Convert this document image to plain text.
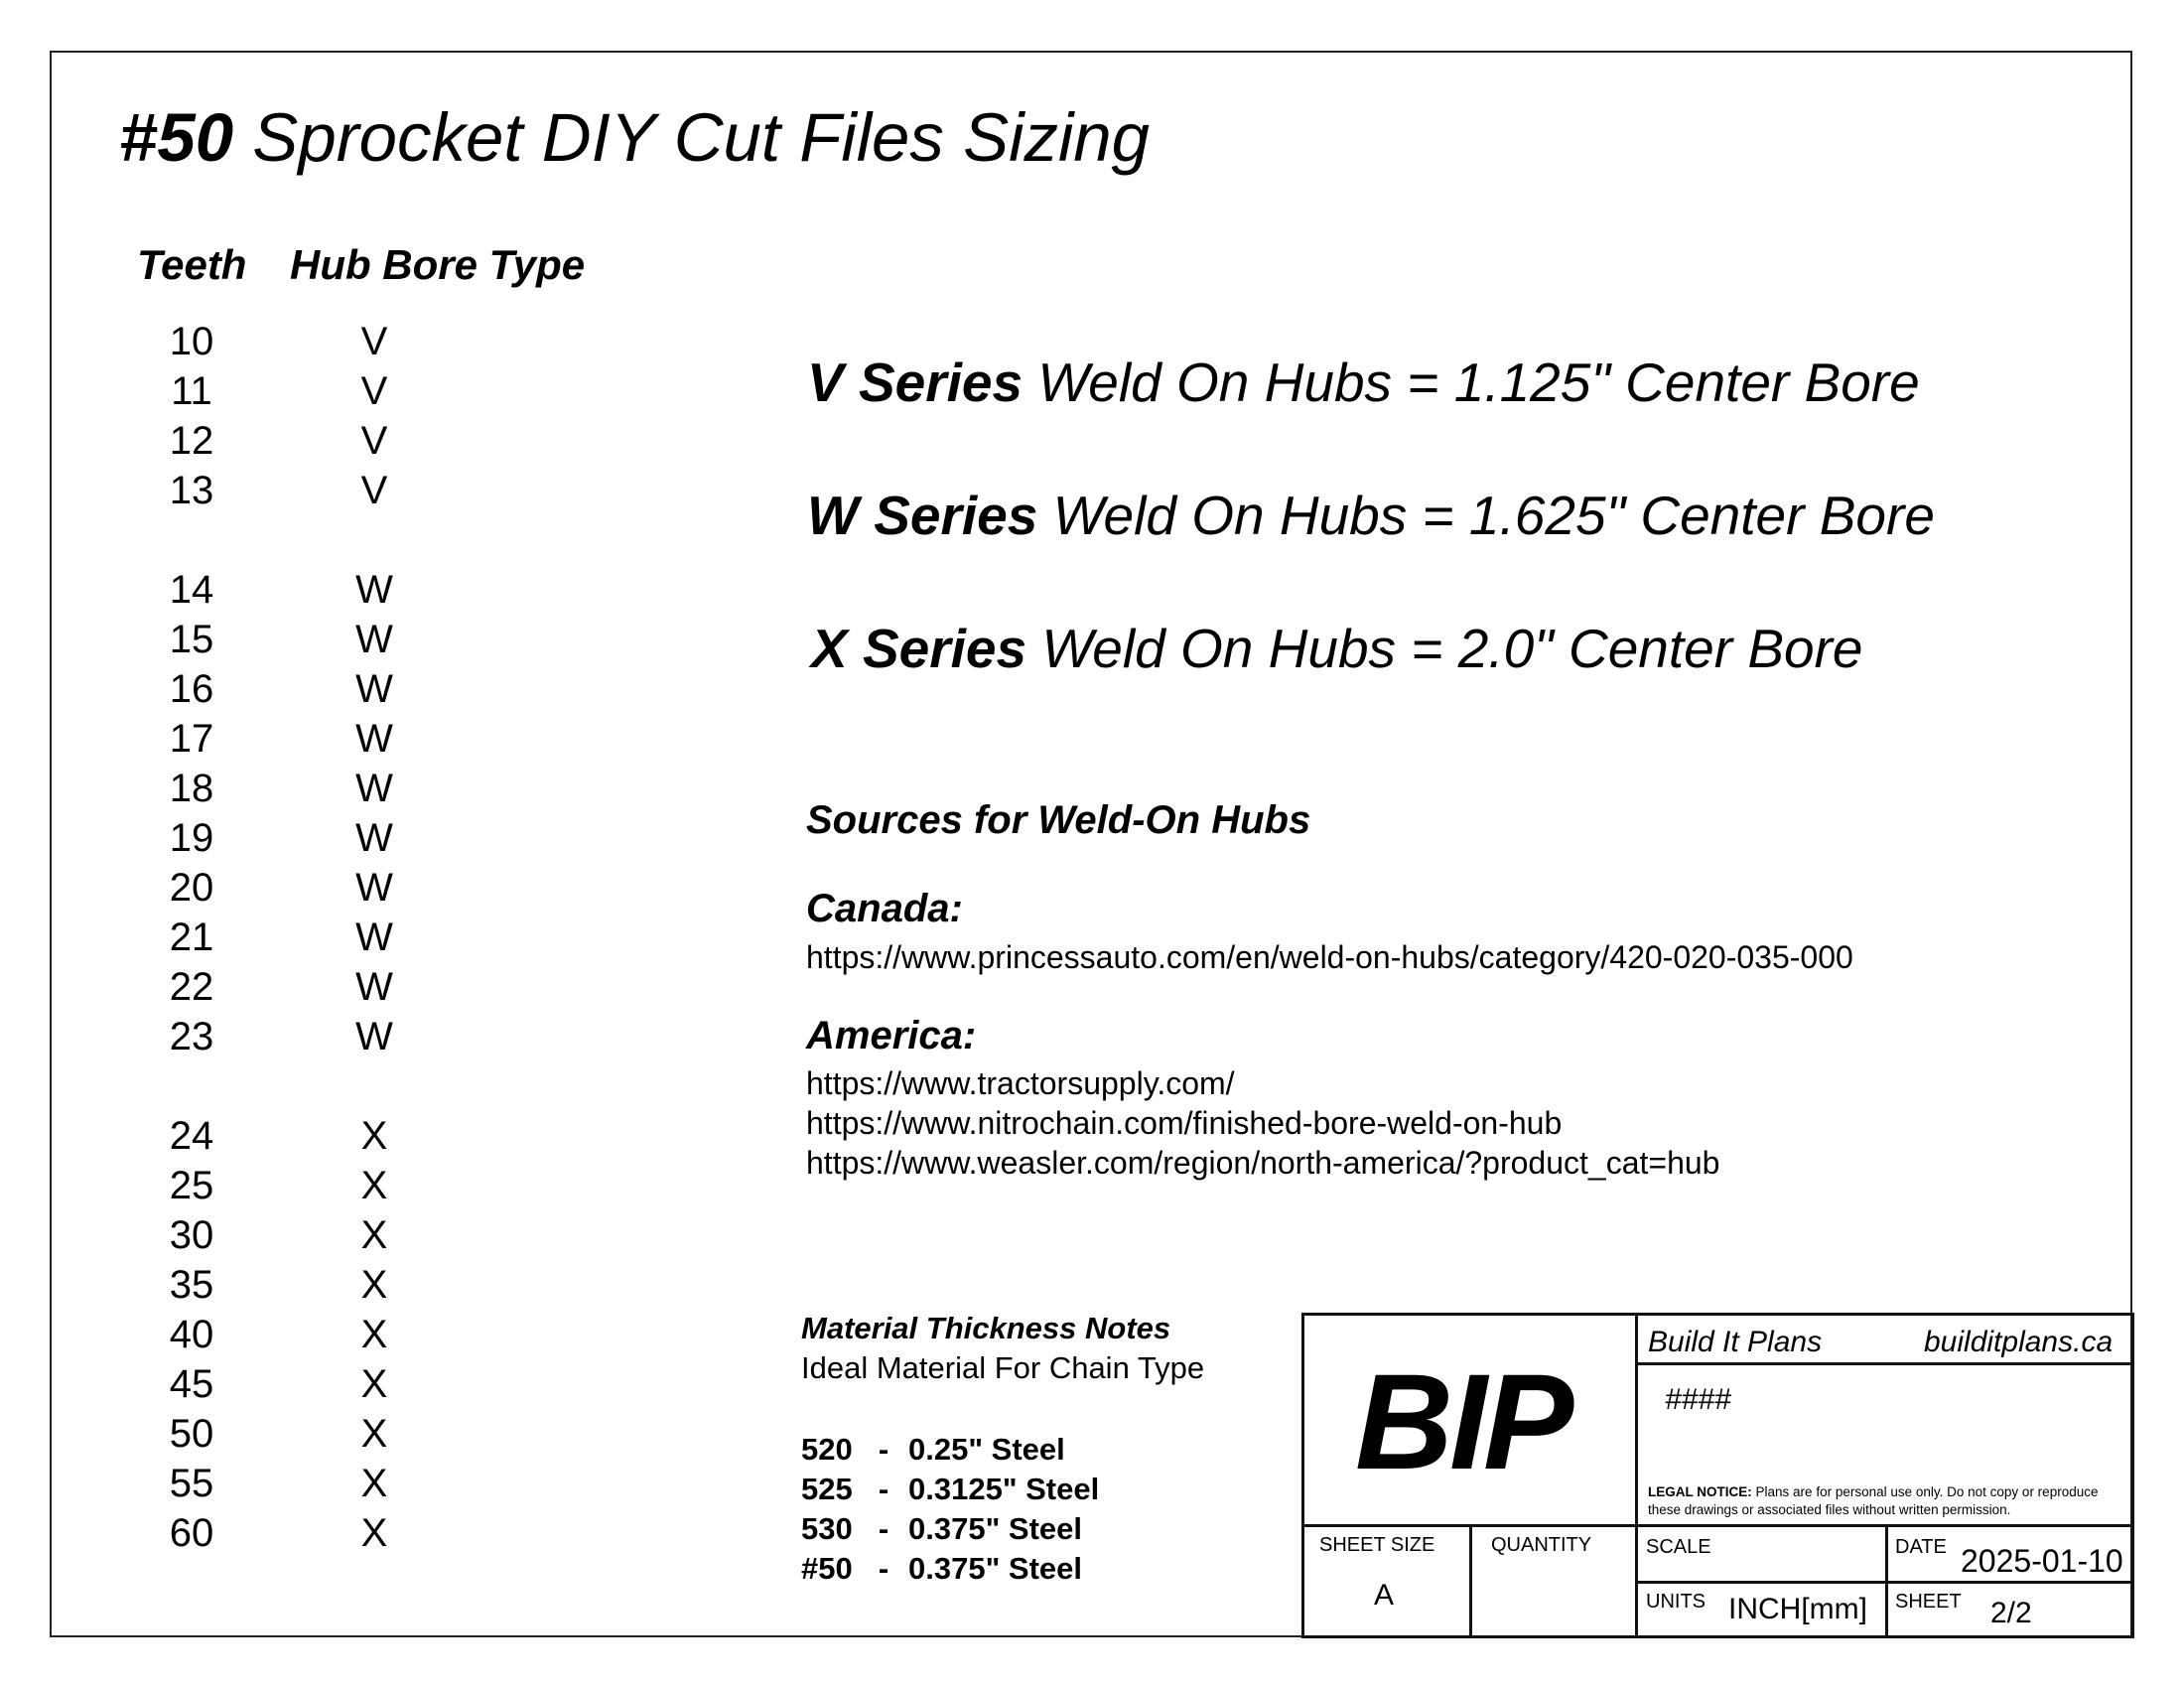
#50 Sprocket DIY Cut Files Sizing
Teeth Hub Bore Type
10	V
11	V
12	V
13	V
14	W
15	W
16	W
17	W
18	W
19	W
20	W
21	W
22	W
23	W
24	X
25	X
30	X
35	X
40	X
45	X
50	X
55	X
60	X
V Series Weld On Hubs = 1.125" Center Bore
W Series Weld On Hubs = 1.625" Center Bore
X Series Weld On Hubs = 2.0" Center Bore
Sources for Weld-On Hubs
Canada:
https://www.princessauto.com/en/weld-on-hubs/category/420-020-035-000
America:
https://www.tractorsupply.com/
https://www.nitrochain.com/finished-bore-weld-on-hub
https://www.weasler.com/region/north-america/?product_cat=hub
Material Thickness Notes
Ideal Material For Chain Type
520 - 0.25" Steel
525 - 0.3125" Steel
530 - 0.375" Steel
#50 - 0.375" Steel
BIP
Build It Plans	builditplans.ca
####
LEGAL NOTICE: Plans are for personal use only. Do not copy or reproduce these drawings or associated files without written permission.
SHEET SIZE
A
QUANTITY	SCALE	DATE 2025-01-10
UNITS INCH[mm] SHEET 2/2
